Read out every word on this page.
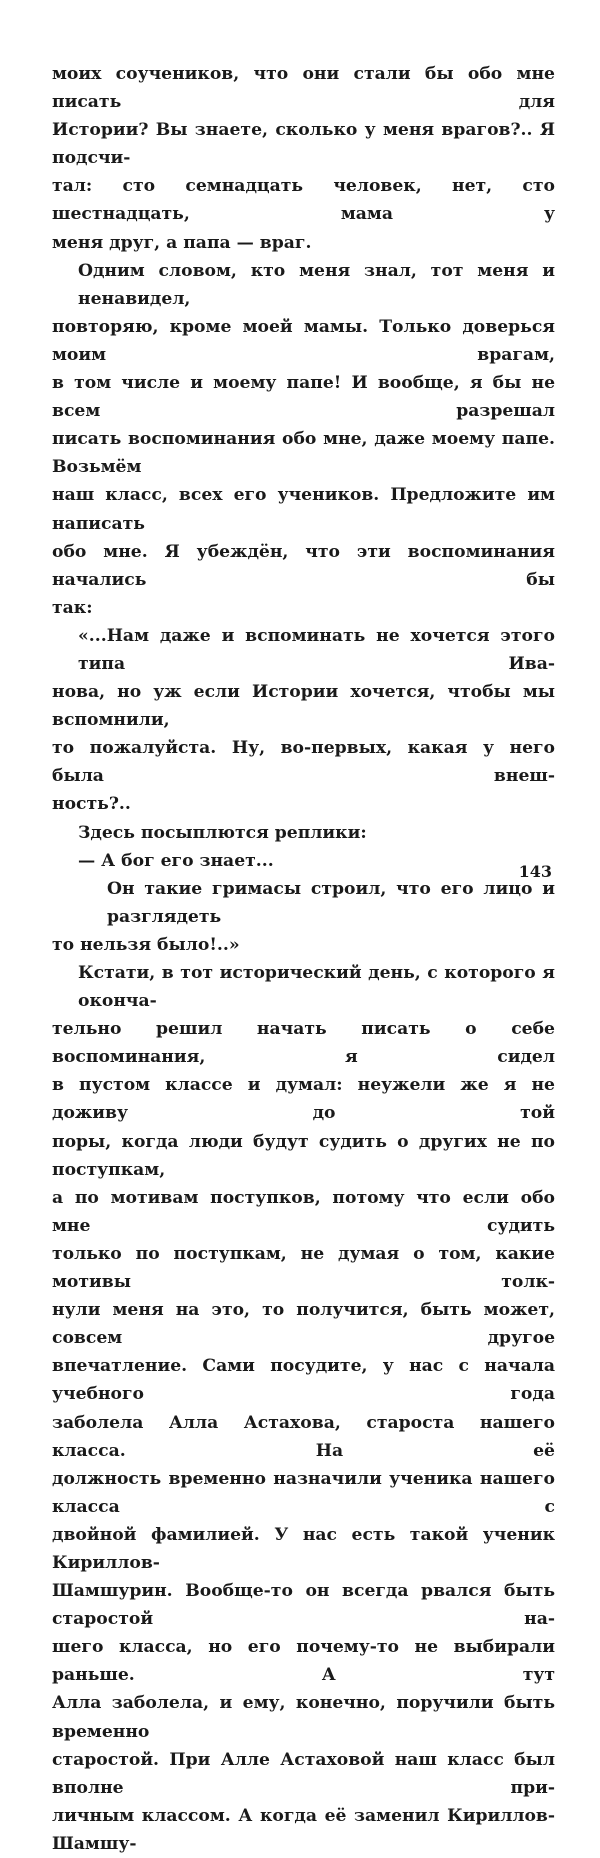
моих соучеников, что они стали бы обо мне писать для
Истории? Вы знаете, сколько у меня врагов?.. Я подсчи-
тал: сто семнадцать человек, нет, сто шестнадцать, мама у
меня друг, а папа — враг.
Одним словом, кто меня знал, тот меня и ненавидел,
повторяю, кроме моей мамы. Только доверься моим врагам,
в том числе и моему папе! И вообще, я бы не всем разрешал
писать воспоминания обо мне, даже моему папе. Возьмём
наш класс, всех его учеников. Предложите им написать
обо мне. Я убеждён, что эти воспоминания начались бы
так:
«...Нам даже и вспоминать не хочется этого типа Ива-
нова, но уж если Истории хочется, чтобы мы вспомнили,
то пожалуйста. Ну, во-первых, какая у него была внеш-
ность?..
Здесь посыплются реплики:
— А бог его знает...
Он такие гримасы строил, что его лицо и разглядеть
то нельзя было!..»
Кстати, в тот исторический день, с которого я оконча-
тельно решил начать писать о себе воспоминания, я сидел
в пустом классе и думал: неужели же я не доживу до той
поры, когда люди будут судить о других не по поступкам,
а по мотивам поступков, потому что если обо мне судить
только по поступкам, не думая о том, какие мотивы толк-
нули меня на это, то получится, быть может, совсем другое
впечатление. Сами посудите, у нас с начала учебного года
заболела Алла Астахова, староста нашего класса. На её
должность временно назначили ученика нашего класса с
двойной фамилией. У нас есть такой ученик Кириллов-
Шамшурин. Вообще-то он всегда рвался быть старостой на-
шего класса, но его почему-то не выбирали раньше. А тут
Алла заболела, и ему, конечно, поручили быть временно
старостой. При Алле Астаховой наш класс был вполне при-
личным классом. А когда её заменил Кириллов-Шамшу-
143
